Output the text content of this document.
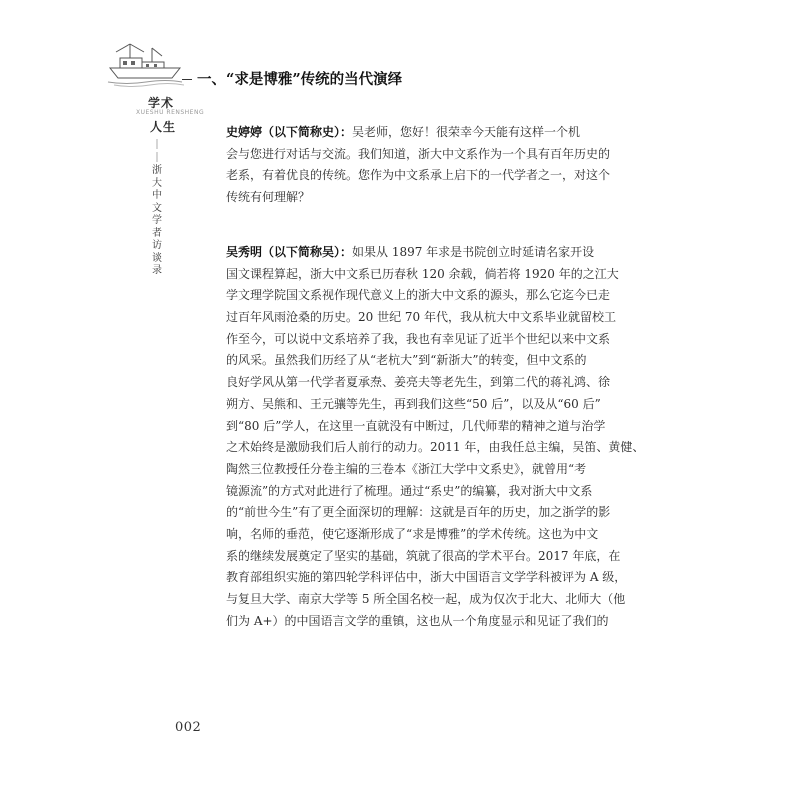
学术
XUESHU RENSHENG
人生
｜
｜
浙
大
中
文
学
者
访
谈
录
一、“求是博雅”传统的当代演绎
史婷婷（以下简称史）：吴老师，您好！很荣幸今天能有这样一个机
会与您进行对话与交流。我们知道，浙大中文系作为一个具有百年历史的
老系，有着优良的传统。您作为中文系承上启下的一代学者之一，对这个
传统有何理解？
吴秀明（以下简称吴）：如果从 1897 年求是书院创立时延请名家开设
国文课程算起，浙大中文系已历春秋 120 余载，倘若将 1920 年的之江大
学文理学院国文系视作现代意义上的浙大中文系的源头，那么它迄今已走
过百年风雨沧桑的历史。20 世纪 70 年代，我从杭大中文系毕业就留校工
作至今，可以说中文系培养了我，我也有幸见证了近半个世纪以来中文系
的风采。虽然我们历经了从“老杭大”到“新浙大”的转变，但中文系的
良好学风从第一代学者夏承焘、姜亮夫等老先生，到第二代的蒋礼鸿、徐
朔方、吴熊和、王元骧等先生，再到我们这些“50 后”，以及从“60 后”
到“80 后”学人，在这里一直就没有中断过，几代师辈的精神之道与治学
之术始终是激励我们后人前行的动力。2011 年，由我任总主编，吴笛、黄健、
陶然三位教授任分卷主编的三卷本《浙江大学中文系史》，就曾用“考
镜源流”的方式对此进行了梳理。通过“系史”的编纂，我对浙大中文系
的“前世今生”有了更全面深切的理解：这就是百年的历史，加之浙学的影
响，名师的垂范，使它逐渐形成了“求是博雅”的学术传统。这也为中文
系的继续发展奠定了坚实的基础，筑就了很高的学术平台。2017 年底，在
教育部组织实施的第四轮学科评估中，浙大中国语言文学学科被评为 A 级，
与复旦大学、南京大学等 5 所全国名校一起，成为仅次于北大、北师大（他
们为 A+）的中国语言文学的重镇，这也从一个角度显示和见证了我们的
002
